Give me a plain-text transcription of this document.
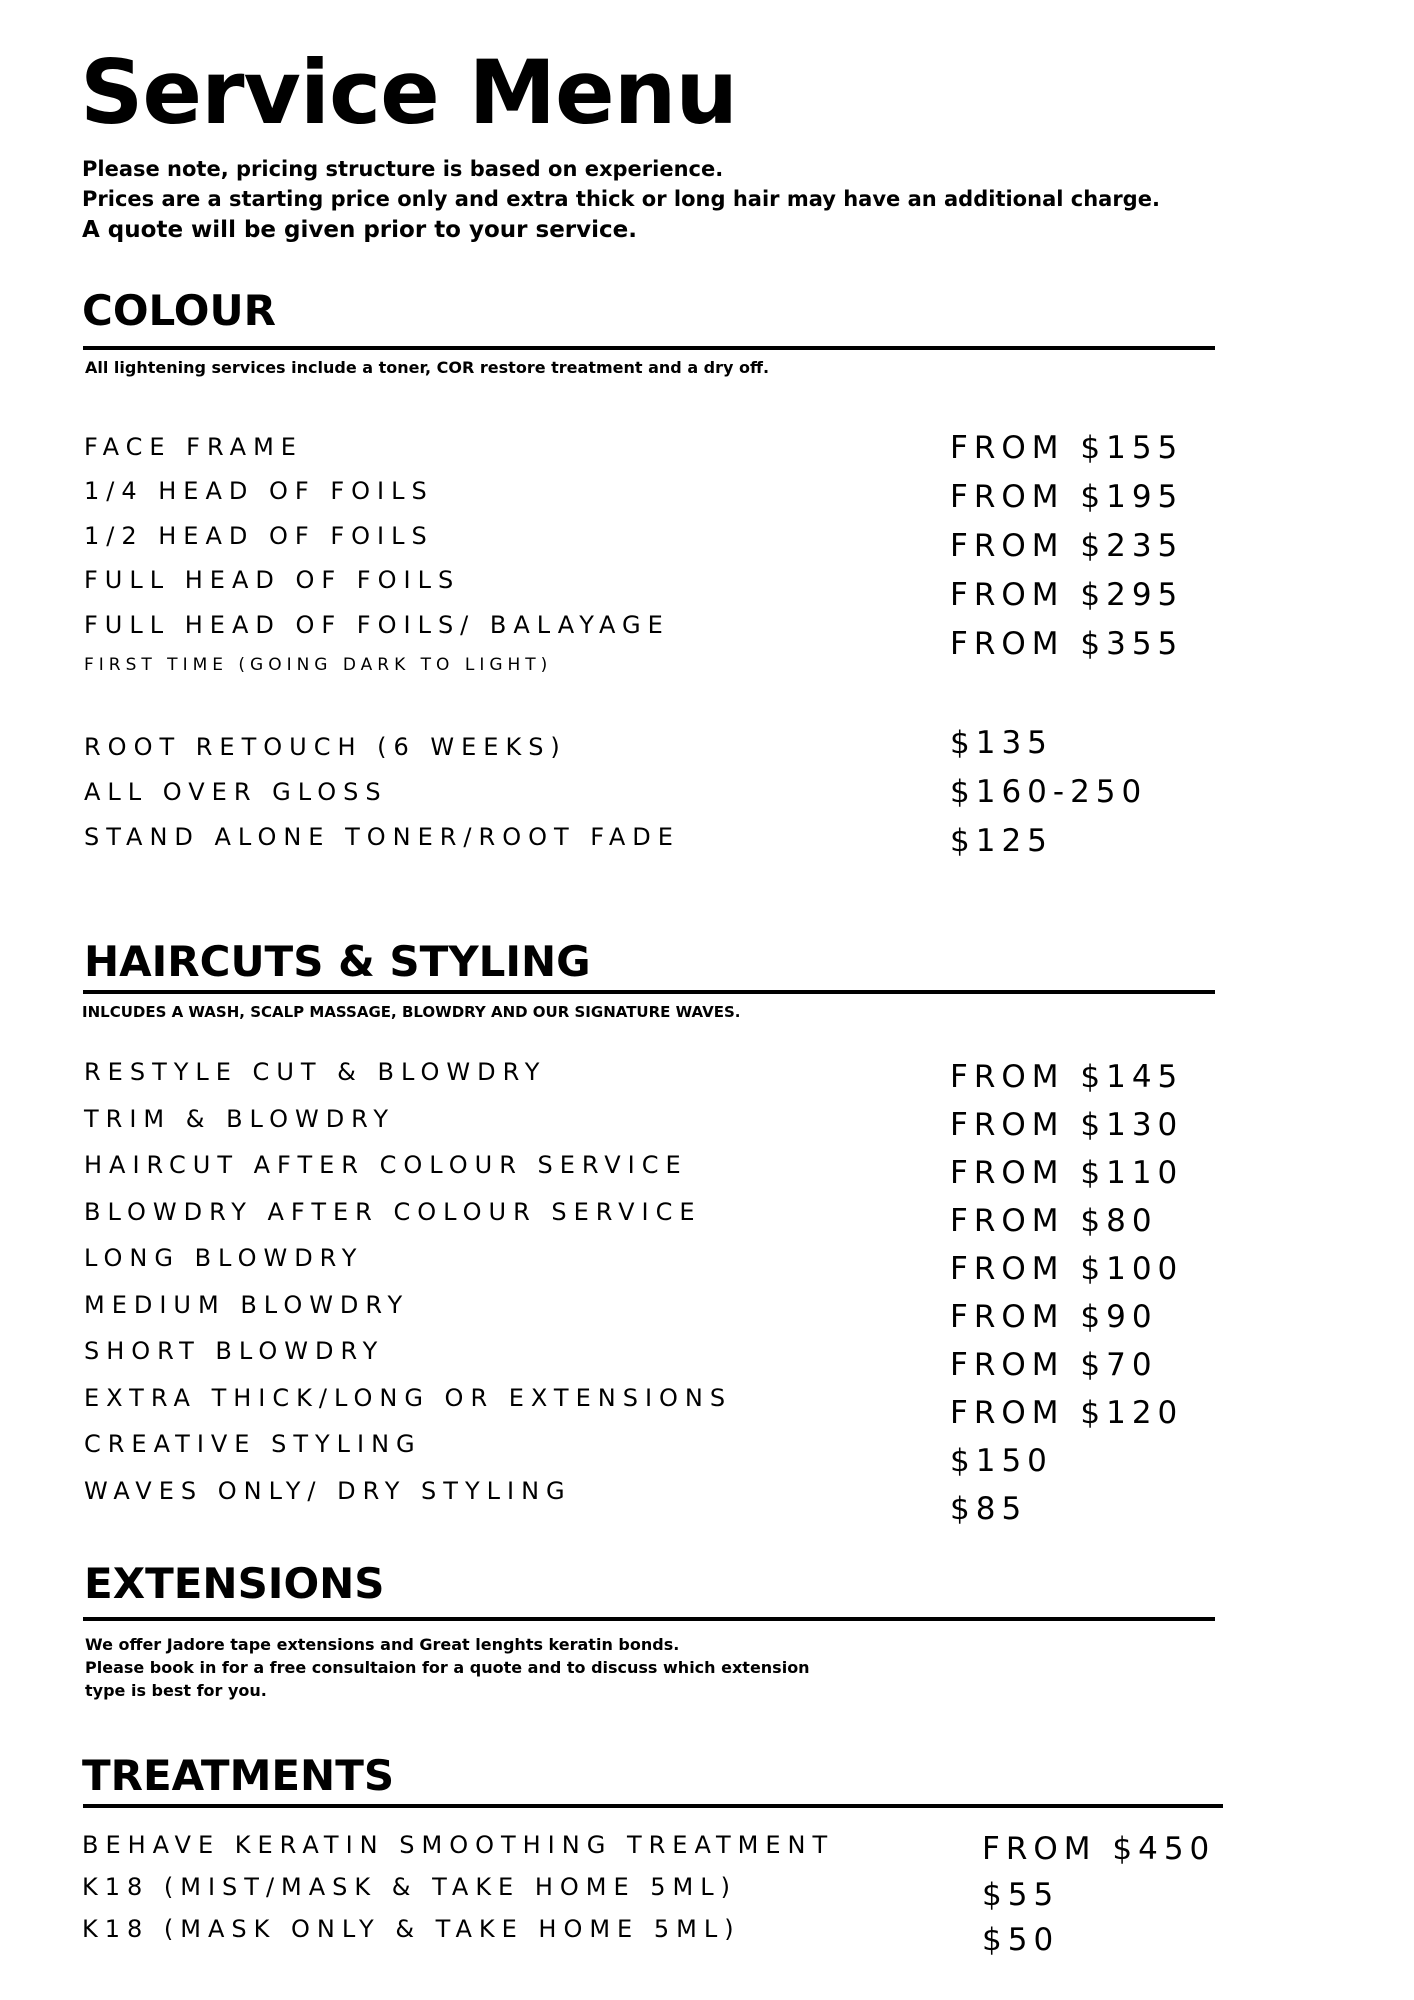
Service Menu
Please note, pricing structure is based on experience.
Prices are a starting price only and extra thick or long hair may have an additional charge.
A quote will be given prior to your service.
COLOUR
All lightening services include a toner, COR restore treatment and a dry off.
FACE FRAME
1/4 HEAD OF FOILS
1/2 HEAD OF FOILS
FULL HEAD OF FOILS
FULL HEAD OF FOILS/ BALAYAGE
FIRST TIME (GOING DARK TO LIGHT)
FROM $155
FROM $195
FROM $235
FROM $295
FROM $355
ROOT RETOUCH (6 WEEKS)
ALL OVER GLOSS
STAND ALONE TONER/ROOT FADE
$135
$160-250
$125
HAIRCUTS & STYLING
INLCUDES A WASH, SCALP MASSAGE, BLOWDRY AND OUR SIGNATURE WAVES.
RESTYLE CUT & BLOWDRY
TRIM & BLOWDRY
HAIRCUT AFTER COLOUR SERVICE
BLOWDRY AFTER COLOUR SERVICE
LONG BLOWDRY
MEDIUM BLOWDRY
SHORT BLOWDRY
EXTRA THICK/LONG OR EXTENSIONS
CREATIVE STYLING
WAVES ONLY/ DRY STYLING
FROM $145
FROM $130
FROM $110
FROM $80
FROM $100
FROM $90
FROM $70
FROM $120
$150
$85
EXTENSIONS
We offer Jadore tape extensions and Great lenghts keratin bonds.
Please book in for a free consultaion for a quote and to discuss which extension
type is best for you.
TREATMENTS
BEHAVE KERATIN SMOOTHING TREATMENT
K18 (MIST/MASK & TAKE HOME 5ML)
K18 (MASK ONLY & TAKE HOME 5ML)
FROM $450
$55
$50
